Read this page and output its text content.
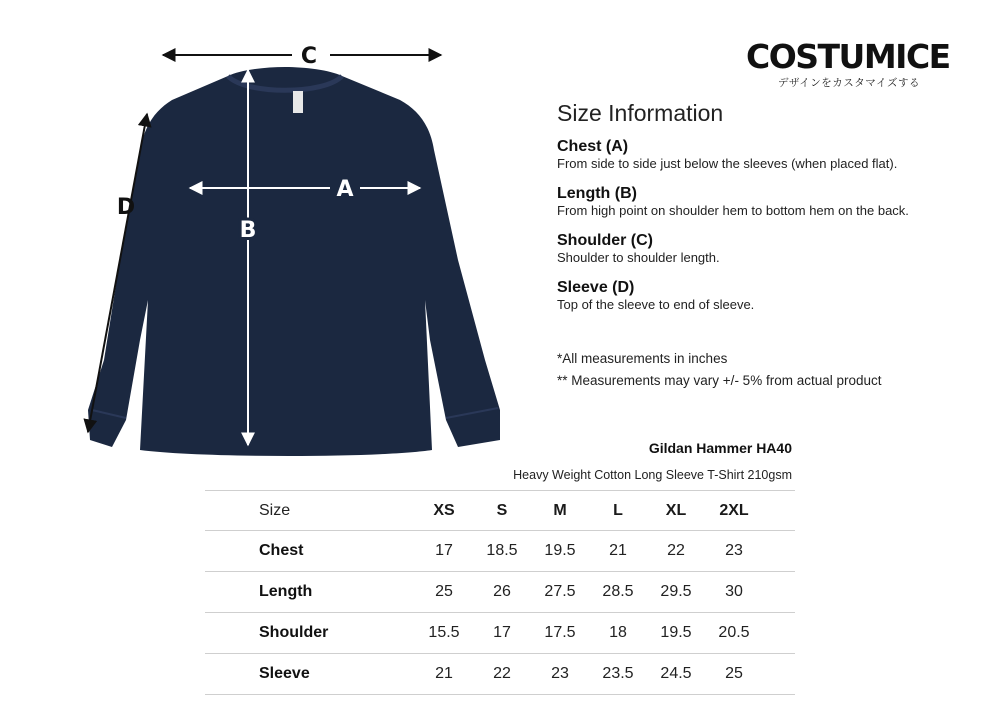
C
D
B
A
COSTUMICE
デザインをカスタマイズする
Size Information
Chest (A)
From side to side just below the sleeves (when placed flat).
Length (B)
From high point on shoulder hem to bottom hem on the back.
Shoulder (C)
Shoulder to shoulder length.
Sleeve (D)
Top of the sleeve to end of sleeve.
*All measurements in inches
** Measurements may vary +/- 5% from actual product
Gildan Hammer HA40
Heavy Weight Cotton Long Sleeve T-Shirt 210gsm
Size	XS	S	M	L	XL	2XL	
Chest	17	18.5	19.5	21	22	23	
Length	25	26	27.5	28.5	29.5	30	
Shoulder	15.5	17	17.5	18	19.5	20.5	
Sleeve	21	22	23	23.5	24.5	25	
